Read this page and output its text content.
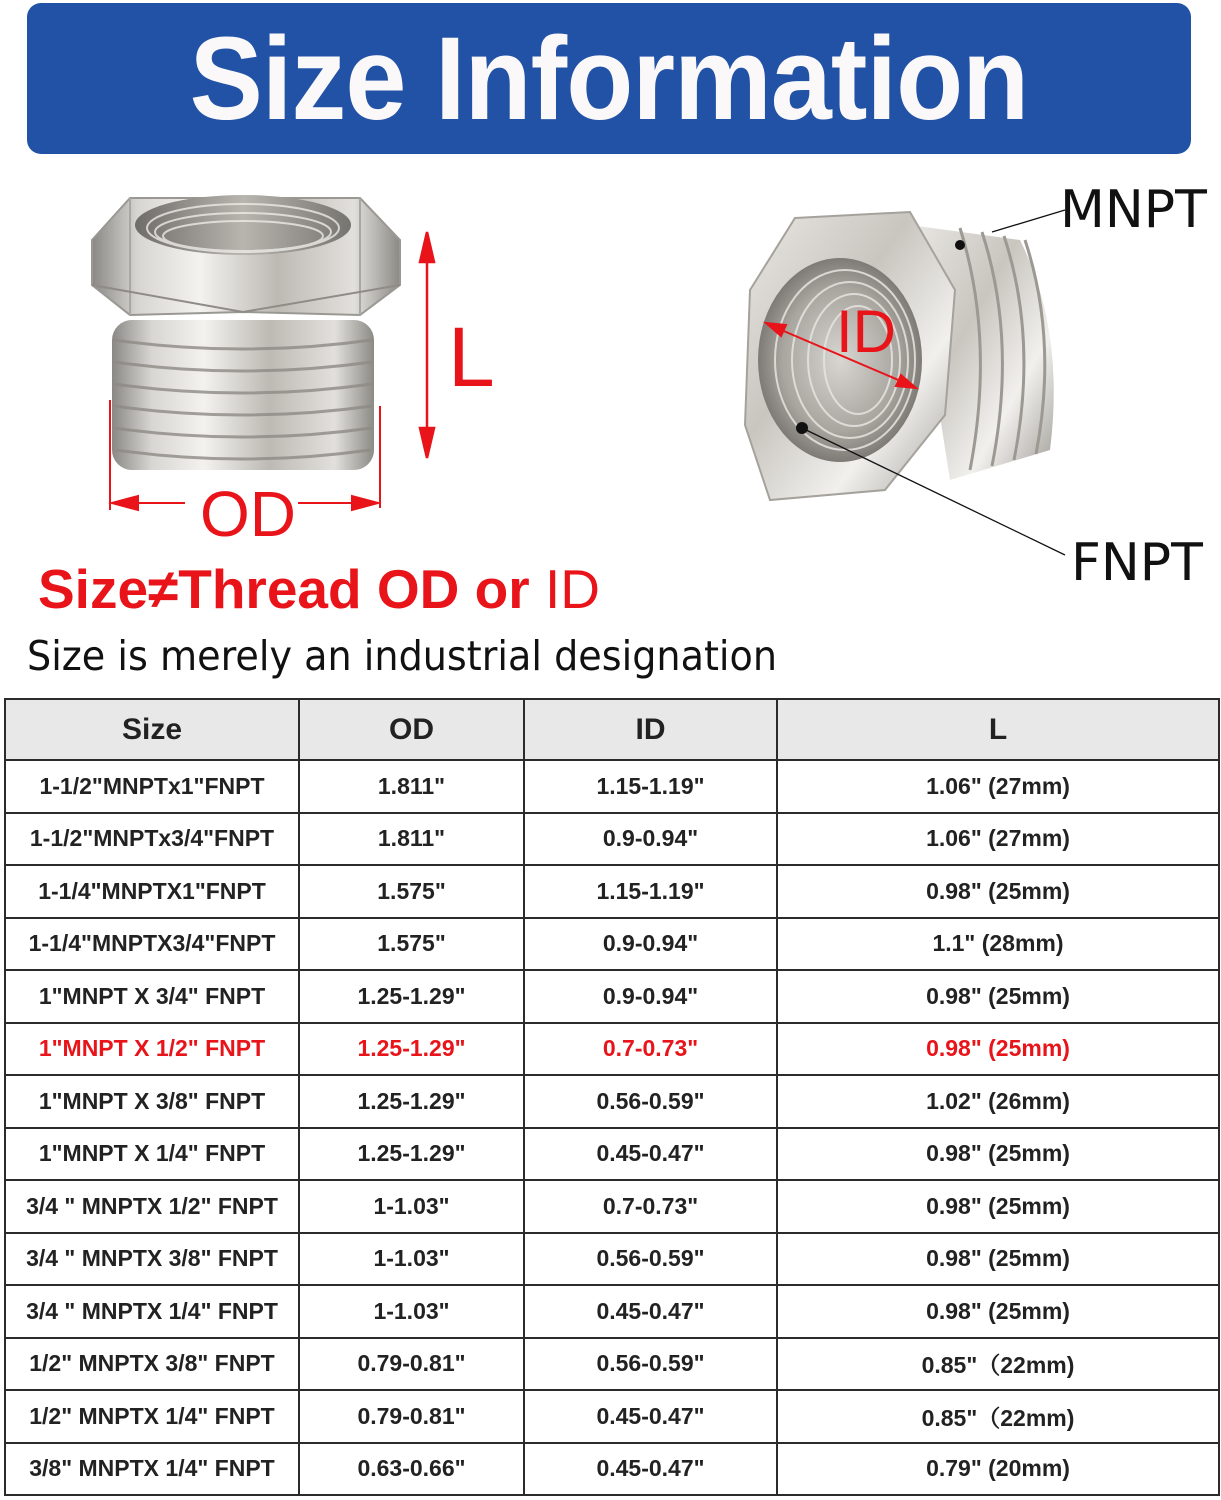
Size Information
L
OD
ID
MNPT
FNPT
Size≠Thread OD or ID
Size is merely an industrial designation
Size	OD	ID	L
1-1/2"MNPTx1"FNPT	1.811"	1.15-1.19"	1.06" (27mm)
1-1/2"MNPTx3/4"FNPT	1.811"	0.9-0.94"	1.06" (27mm)
1-1/4"MNPTX1"FNPT	1.575"	1.15-1.19"	0.98" (25mm)
1-1/4"MNPTX3/4"FNPT	1.575"	0.9-0.94"	1.1" (28mm)
1"MNPT X 3/4" FNPT	1.25-1.29"	0.9-0.94"	0.98" (25mm)
1"MNPT X 1/2" FNPT	1.25-1.29"	0.7-0.73"	0.98" (25mm)
1"MNPT X 3/8" FNPT	1.25-1.29"	0.56-0.59"	1.02" (26mm)
1"MNPT X 1/4" FNPT	1.25-1.29"	0.45-0.47"	0.98" (25mm)
3/4 " MNPTX 1/2" FNPT	1-1.03"	0.7-0.73"	0.98" (25mm)
3/4 " MNPTX 3/8" FNPT	1-1.03"	0.56-0.59"	0.98" (25mm)
3/4 " MNPTX 1/4" FNPT	1-1.03"	0.45-0.47"	0.98" (25mm)
1/2" MNPTX 3/8" FNPT	0.79-0.81"	0.56-0.59"	0.85"（22mm)
1/2" MNPTX 1/4" FNPT	0.79-0.81"	0.45-0.47"	0.85"（22mm)
3/8" MNPTX 1/4" FNPT	0.63-0.66"	0.45-0.47"	0.79" (20mm)
